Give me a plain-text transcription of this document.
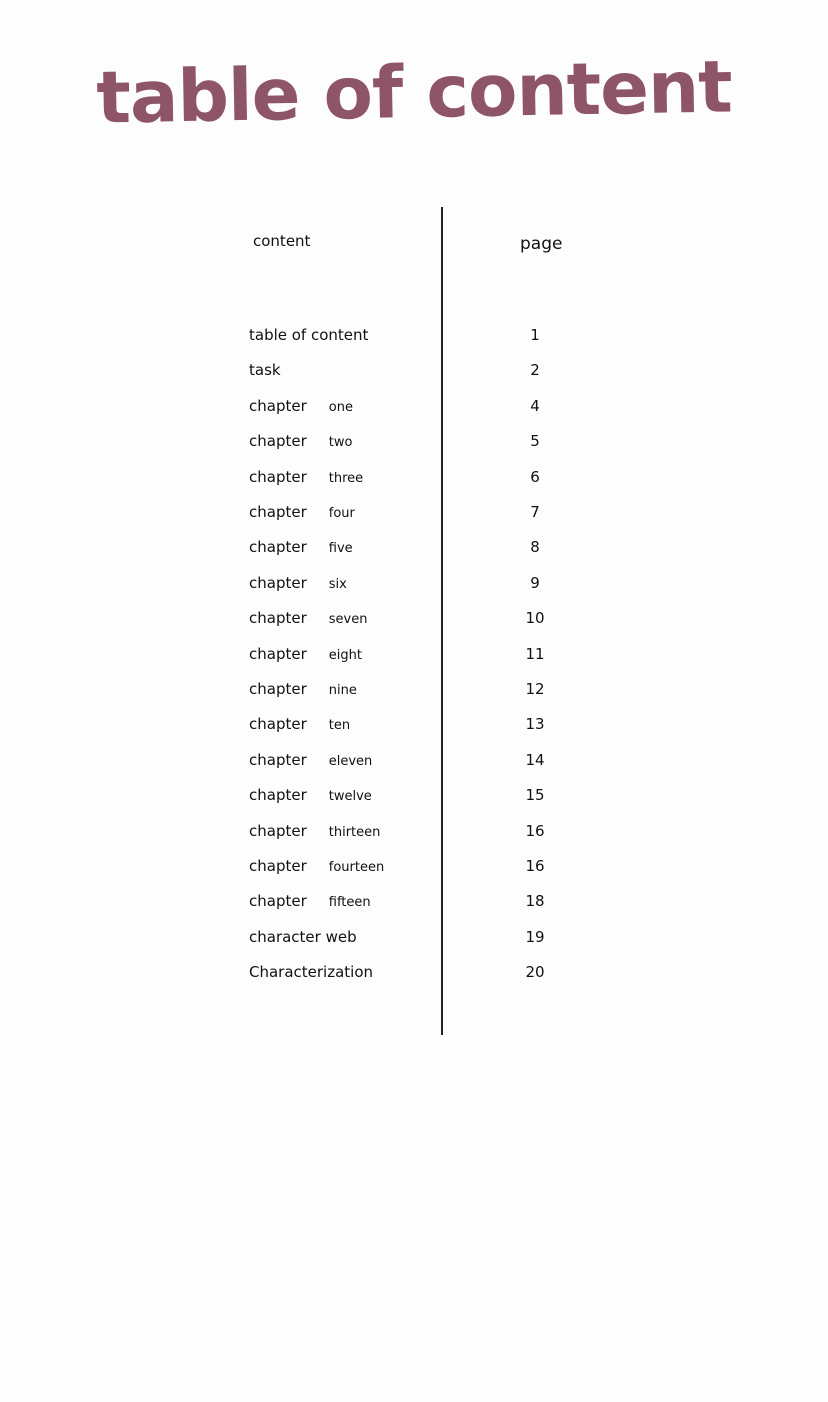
table of content
content	page
table of content	1
task	2
chapter one	4
chapter two	5
chapter three	6
chapter four	7
chapter five	8
chapter six	9
chapter seven	10
chapter eight	11
chapter nine	12
chapter ten	13
chapter eleven	14
chapter twelve	15
chapter thirteen	16
chapter fourteen	16
chapter fifteen	18
character web	19
Characterization	20
